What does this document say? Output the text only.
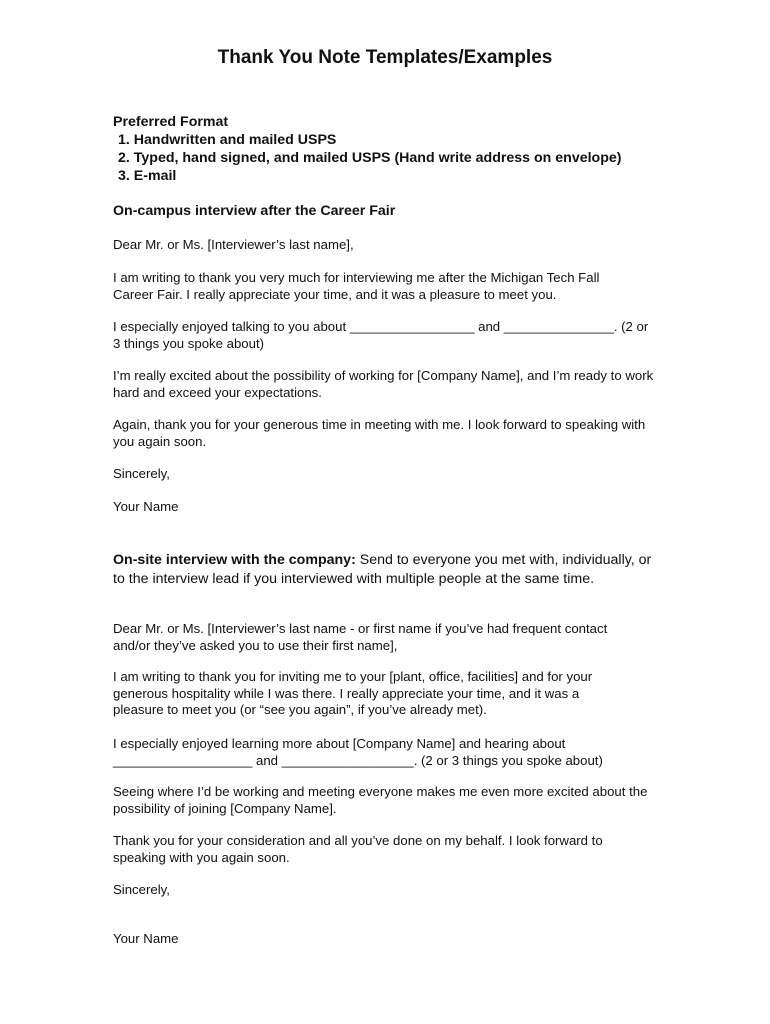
Thank You Note Templates/Examples
Preferred Format
1. Handwritten and mailed USPS
2. Typed, hand signed, and mailed USPS (Hand write address on envelope)
3. E-mail
On-campus interview after the Career Fair

Dear Mr. or Ms. [Interviewer’s last name],

I am writing to thank you very much for interviewing me after the Michigan Tech Fall Career Fair. I really appreciate your time, and it was a pleasure to meet you.

I especially enjoyed talking to you about _________________ and _______________. (2 or 3 things you spoke about)

I’m really excited about the possibility of working for [Company Name], and I’m ready to work hard and exceed your expectations.

Again, thank you for your generous time in meeting with me. I look forward to speaking with you again soon.

Sincerely,

Your Name

On-site interview with the company: Send to everyone you met with, individually, or to the interview lead if you interviewed with multiple people at the same time.

Dear Mr. or Ms. [Interviewer’s last name - or first name if you’ve had frequent contact and/or they’ve asked you to use their first name],

I am writing to thank you for inviting me to your [plant, office, facilities] and for your generous hospitality while I was there. I really appreciate your time, and it was a pleasure to meet you (or “see you again”, if you’ve already met).

I especially enjoyed learning more about [Company Name] and hearing about ___________________ and __________________. (2 or 3 things you spoke about)

Seeing where I’d be working and meeting everyone makes me even more excited about the possibility of joining [Company Name].

Thank you for your consideration and all you’ve done on my behalf. I look forward to speaking with you again soon.

Sincerely,

Your Name
